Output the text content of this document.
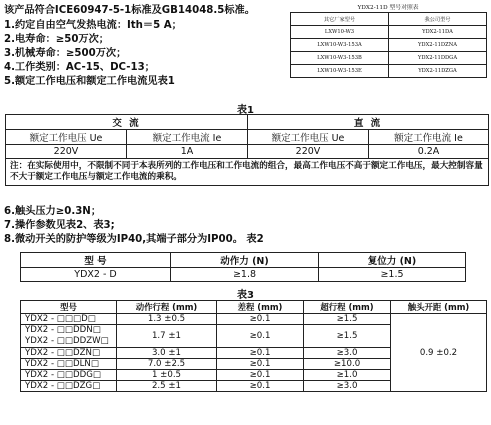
该产品符合ICE60947-5-1标准及GB14048.5标准。
1.约定自由空气发热电流：Ith＝5 A；
2.电寿命：≥50万次；
3.机械寿命：≥500万次；
4.工作类别：AC-15、DC-13；
5.额定工作电压和额定工作电流见表1
YDX2-11D 型号对照表
其它厂家型号	我公司型号
LXW10-W3	YDX2-11DA
LXW10-W3-153A	YDX2-11DZNA
LXW10-W3-153B	YDX2-11DDGA
LXW10-W3-153E	YDX2-11DZGA
表1
交 流		直 流	
额定工作电压 Ue	额定工作电流 Ie	额定工作电压 Ue	额定工作电流 Ie
220V	1A	220V	0.2A
注：在实际使用中，不限制不同于本表所列的工作电压和工作电流的组合，最高工作电压不高于额定工作电压，最大控制容量不大于额定工作电压与额定工作电流的乘积。			
6.触头压力≥0.3N；
7.操作参数见表2、表3;
8.微动开关的防护等级为IP40,其端子部分为IP00。 表2
型 号	动作力 (N)	复位力 (N)
YDX2 - D	≥1.8	≥1.5
表3
型号	动作行程 (mm)	差程 (mm)	超行程 (mm)	触头开距 (mm)
YDX2 - □□□D□	1.3 ±0.5	≥0.1	≥1.5	0.9 ±0.2
YDX2 - □□DDN□
YDX2 - □□DDZW□	1.7 ±1	≥0.1	≥1.5	
YDX2 - □□DZN□	3.0 ±1	≥0.1	≥3.0	
YDX2 - □□DLN□	7.0 ±2.5	≥0.1	≥10.0	
YDX2 - □□DDG□	1 ±0.5	≥0.1	≥1.0	
YDX2 - □□DZG□	2.5 ±1	≥0.1	≥3.0	
